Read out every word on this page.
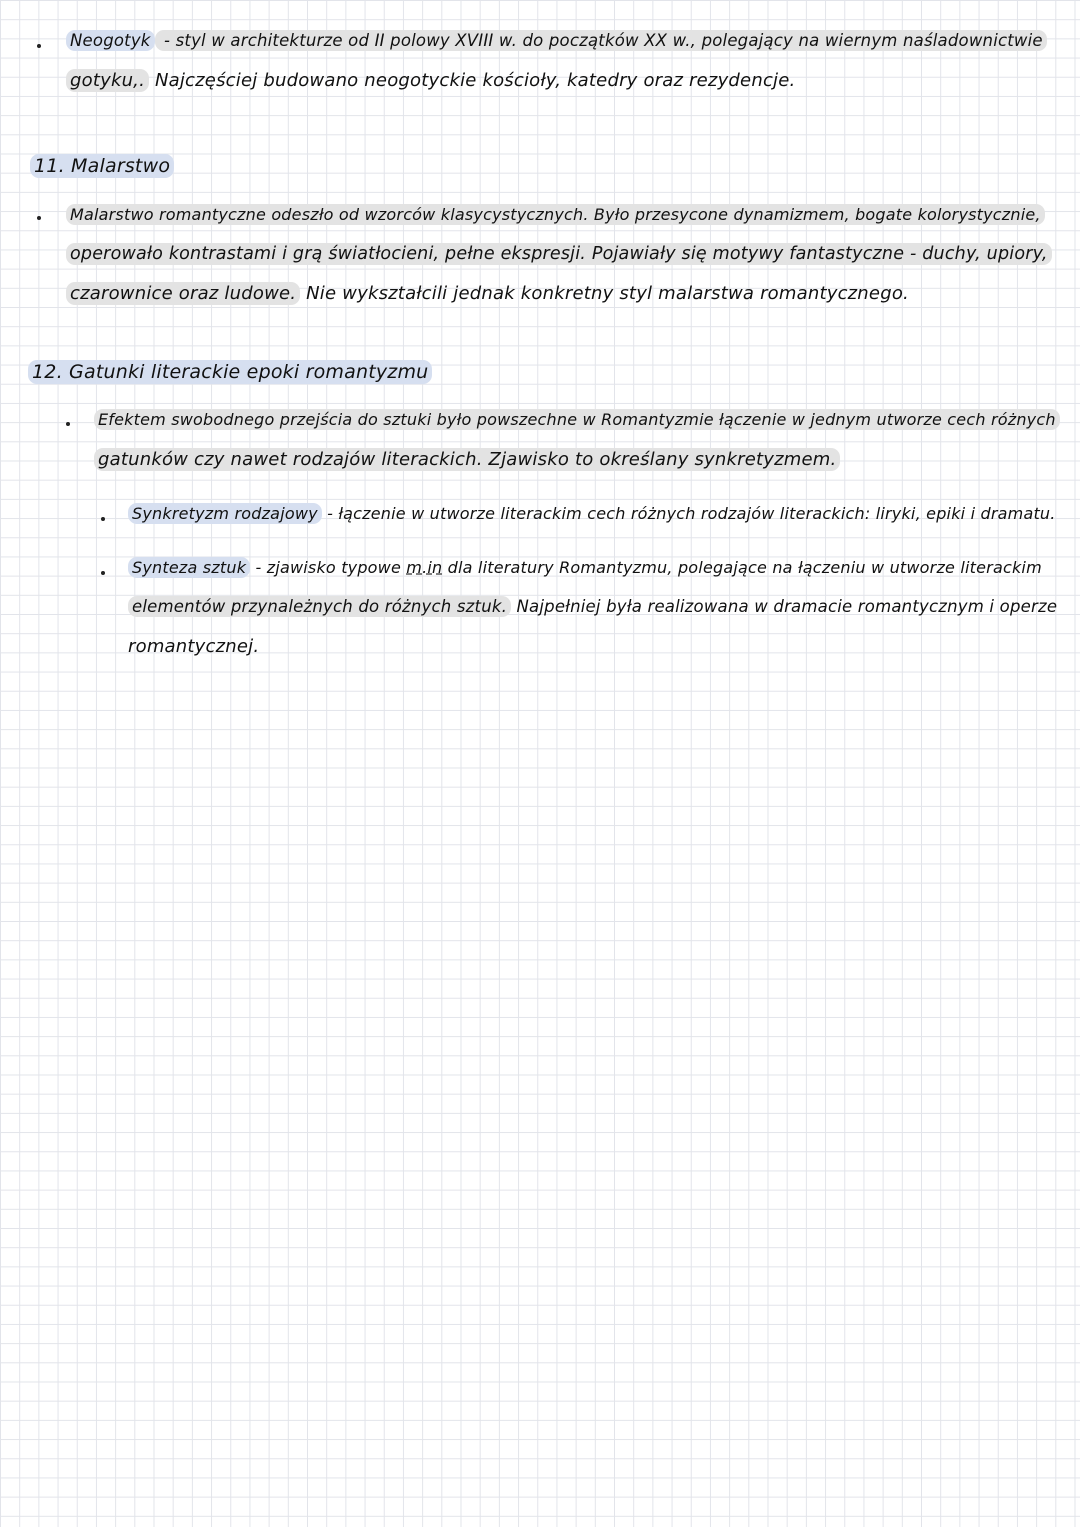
Neogotyk - styl w architekturze od II polowy XVIII w. do początków XX w., polegający na wiernym naśladownictwie

gotyku,. Najczęściej budowano neogotyckie kościoły, katedry oraz rezydencje.

11. Malarstwo

Malarstwo romantyczne odeszło od wzorców klasycystycznych. Było przesycone dynamizmem, bogate kolorystycznie,

operowało kontrastami i grą światłocieni, pełne ekspresji. Pojawiały się motywy fantastyczne - duchy, upiory,

czarownice oraz ludowe. Nie wykształcili jednak konkretny styl malarstwa romantycznego.

12. Gatunki literackie epoki romantyzmu

Efektem swobodnego przejścia do sztuki było powszechne w Romantyzmie łączenie w jednym utworze cech różnych

gatunków czy nawet rodzajów literackich. Zjawisko to określany synkretyzmem.

Synkretyzm rodzajowy - łączenie w utworze literackim cech różnych rodzajów literackich: liryki, epiki i dramatu.

Synteza sztuk - zjawisko typowe m.in dla literatury Romantyzmu, polegające na łączeniu w utworze literackim

elementów przynależnych do różnych sztuk. Najpełniej była realizowana w dramacie romantycznym i operze

romantycznej.
